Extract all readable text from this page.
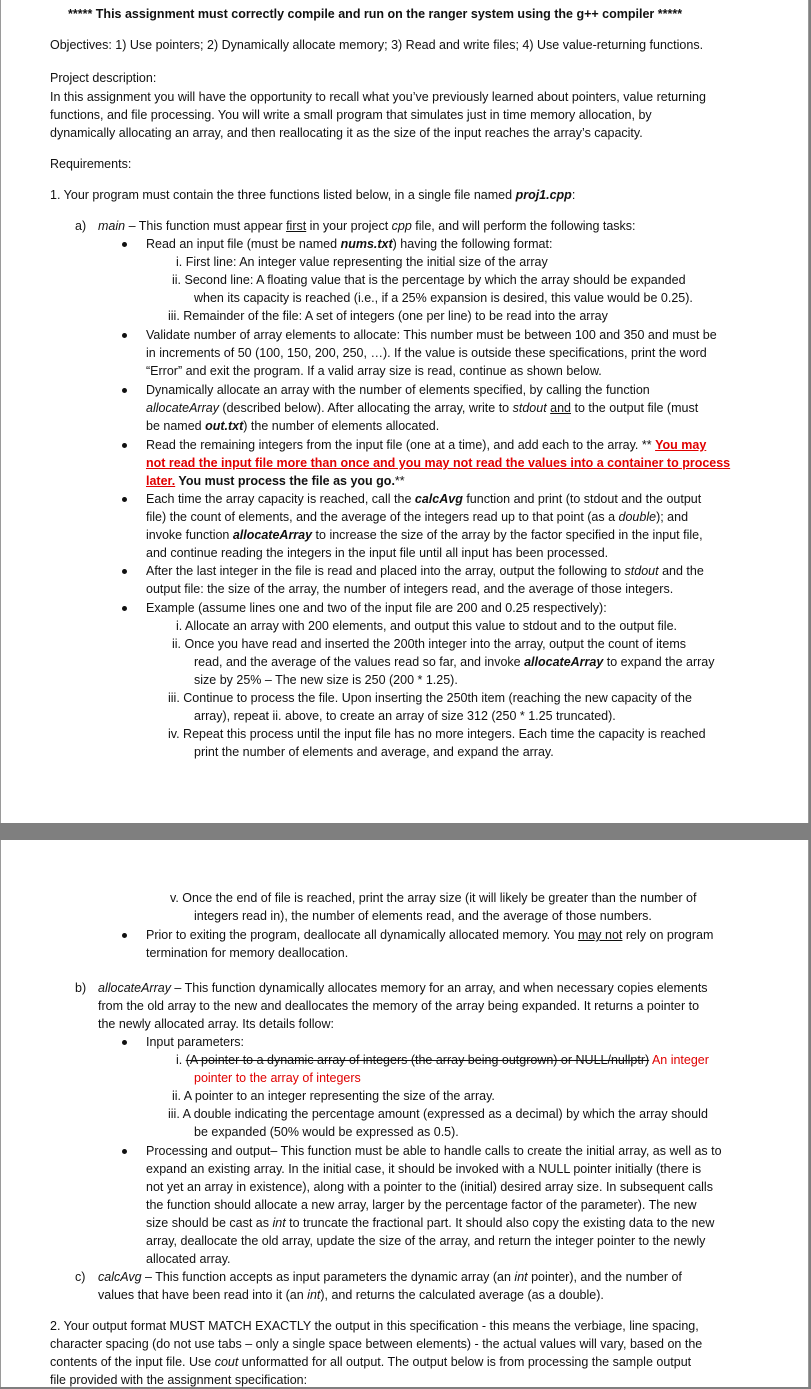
***** This assignment must correctly compile and run on the ranger system using the g++ compiler *****
Objectives: 1) Use pointers; 2) Dynamically allocate memory; 3) Read and write files; 4) Use value-returning functions.
Project description:
In this assignment you will have the opportunity to recall what you’ve previously learned about pointers, value returning
functions, and file processing. You will write a small program that simulates just in time memory allocation, by
dynamically allocating an array, and then reallocating it as the size of the input reaches the array’s capacity.
Requirements:
1. Your program must contain the three functions listed below, in a single file named proj1.cpp:
a) main – This function must appear first in your project cpp file, and will perform the following tasks:
Read an input file (must be named nums.txt) having the following format:
i. First line: An integer value representing the initial size of the array
ii. Second line: A floating value that is the percentage by which the array should be expanded
when its capacity is reached (i.e., if a 25% expansion is desired, this value would be 0.25).
iii. Remainder of the file: A set of integers (one per line) to be read into the array
Validate number of array elements to allocate: This number must be between 100 and 350 and must be
in increments of 50 (100, 150, 200, 250, …). If the value is outside these specifications, print the word
“Error” and exit the program. If a valid array size is read, continue as shown below.
Dynamically allocate an array with the number of elements specified, by calling the function
allocateArray (described below). After allocating the array, write to stdout and to the output file (must
be named out.txt) the number of elements allocated.
Read the remaining integers from the input file (one at a time), and add each to the array. ** You may
not read the input file more than once and you may not read the values into a container to process
later. You must process the file as you go.**
Each time the array capacity is reached, call the calcAvg function and print (to stdout and the output
file) the count of elements, and the average of the integers read up to that point (as a double); and
invoke function allocateArray to increase the size of the array by the factor specified in the input file,
and continue reading the integers in the input file until all input has been processed.
After the last integer in the file is read and placed into the array, output the following to stdout and the
output file: the size of the array, the number of integers read, and the average of those integers.
Example (assume lines one and two of the input file are 200 and 0.25 respectively):
i. Allocate an array with 200 elements, and output this value to stdout and to the output file.
ii. Once you have read and inserted the 200th integer into the array, output the count of items
read, and the average of the values read so far, and invoke allocateArray to expand the array
size by 25% – The new size is 250 (200 * 1.25).
iii. Continue to process the file. Upon inserting the 250th item (reaching the new capacity of the
array), repeat ii. above, to create an array of size 312 (250 * 1.25 truncated).
iv. Repeat this process until the input file has no more integers. Each time the capacity is reached
print the number of elements and average, and expand the array.
v. Once the end of file is reached, print the array size (it will likely be greater than the number of
integers read in), the number of elements read, and the average of those numbers.
Prior to exiting the program, deallocate all dynamically allocated memory. You may not rely on program
termination for memory deallocation.
b) allocateArray – This function dynamically allocates memory for an array, and when necessary copies elements
from the old array to the new and deallocates the memory of the array being expanded. It returns a pointer to
the newly allocated array. Its details follow:
Input parameters:
i. (A pointer to a dynamic array of integers (the array being outgrown) or NULL/nullptr) An integer
pointer to the array of integers
ii. A pointer to an integer representing the size of the array.
iii. A double indicating the percentage amount (expressed as a decimal) by which the array should
be expanded (50% would be expressed as 0.5).
Processing and output– This function must be able to handle calls to create the initial array, as well as to
expand an existing array. In the initial case, it should be invoked with a NULL pointer initially (there is
not yet an array in existence), along with a pointer to the (initial) desired array size. In subsequent calls
the function should allocate a new array, larger by the percentage factor of the parameter). The new
size should be cast as int to truncate the fractional part. It should also copy the existing data to the new
array, deallocate the old array, update the size of the array, and return the integer pointer to the newly
allocated array.
c) calcAvg – This function accepts as input parameters the dynamic array (an int pointer), and the number of
values that have been read into it (an int), and returns the calculated average (as a double).
2. Your output format MUST MATCH EXACTLY the output in this specification - this means the verbiage, line spacing,
character spacing (do not use tabs – only a single space between elements) - the actual values will vary, based on the
contents of the input file. Use cout unformatted for all output. The output below is from processing the sample output
file provided with the assignment specification:
